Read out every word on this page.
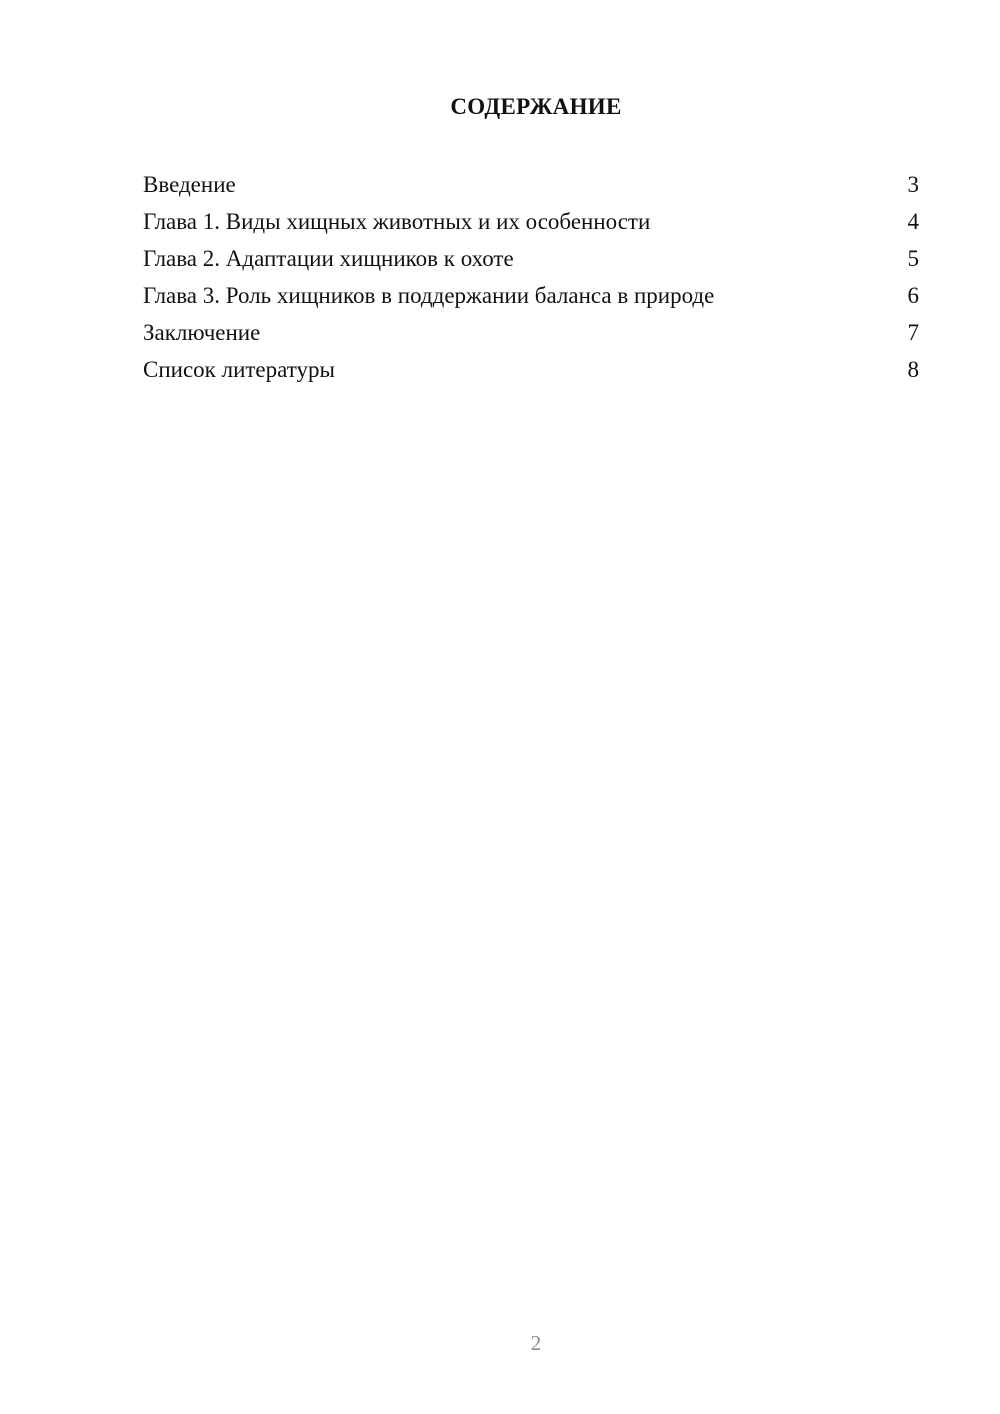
СОДЕРЖАНИЕ
Введение	3
Глава 1. Виды хищных животных и их особенности	4
Глава 2. Адаптации хищников к охоте	5
Глава 3. Роль хищников в поддержании баланса в природе	6
Заключение	7
Список литературы	8
2
